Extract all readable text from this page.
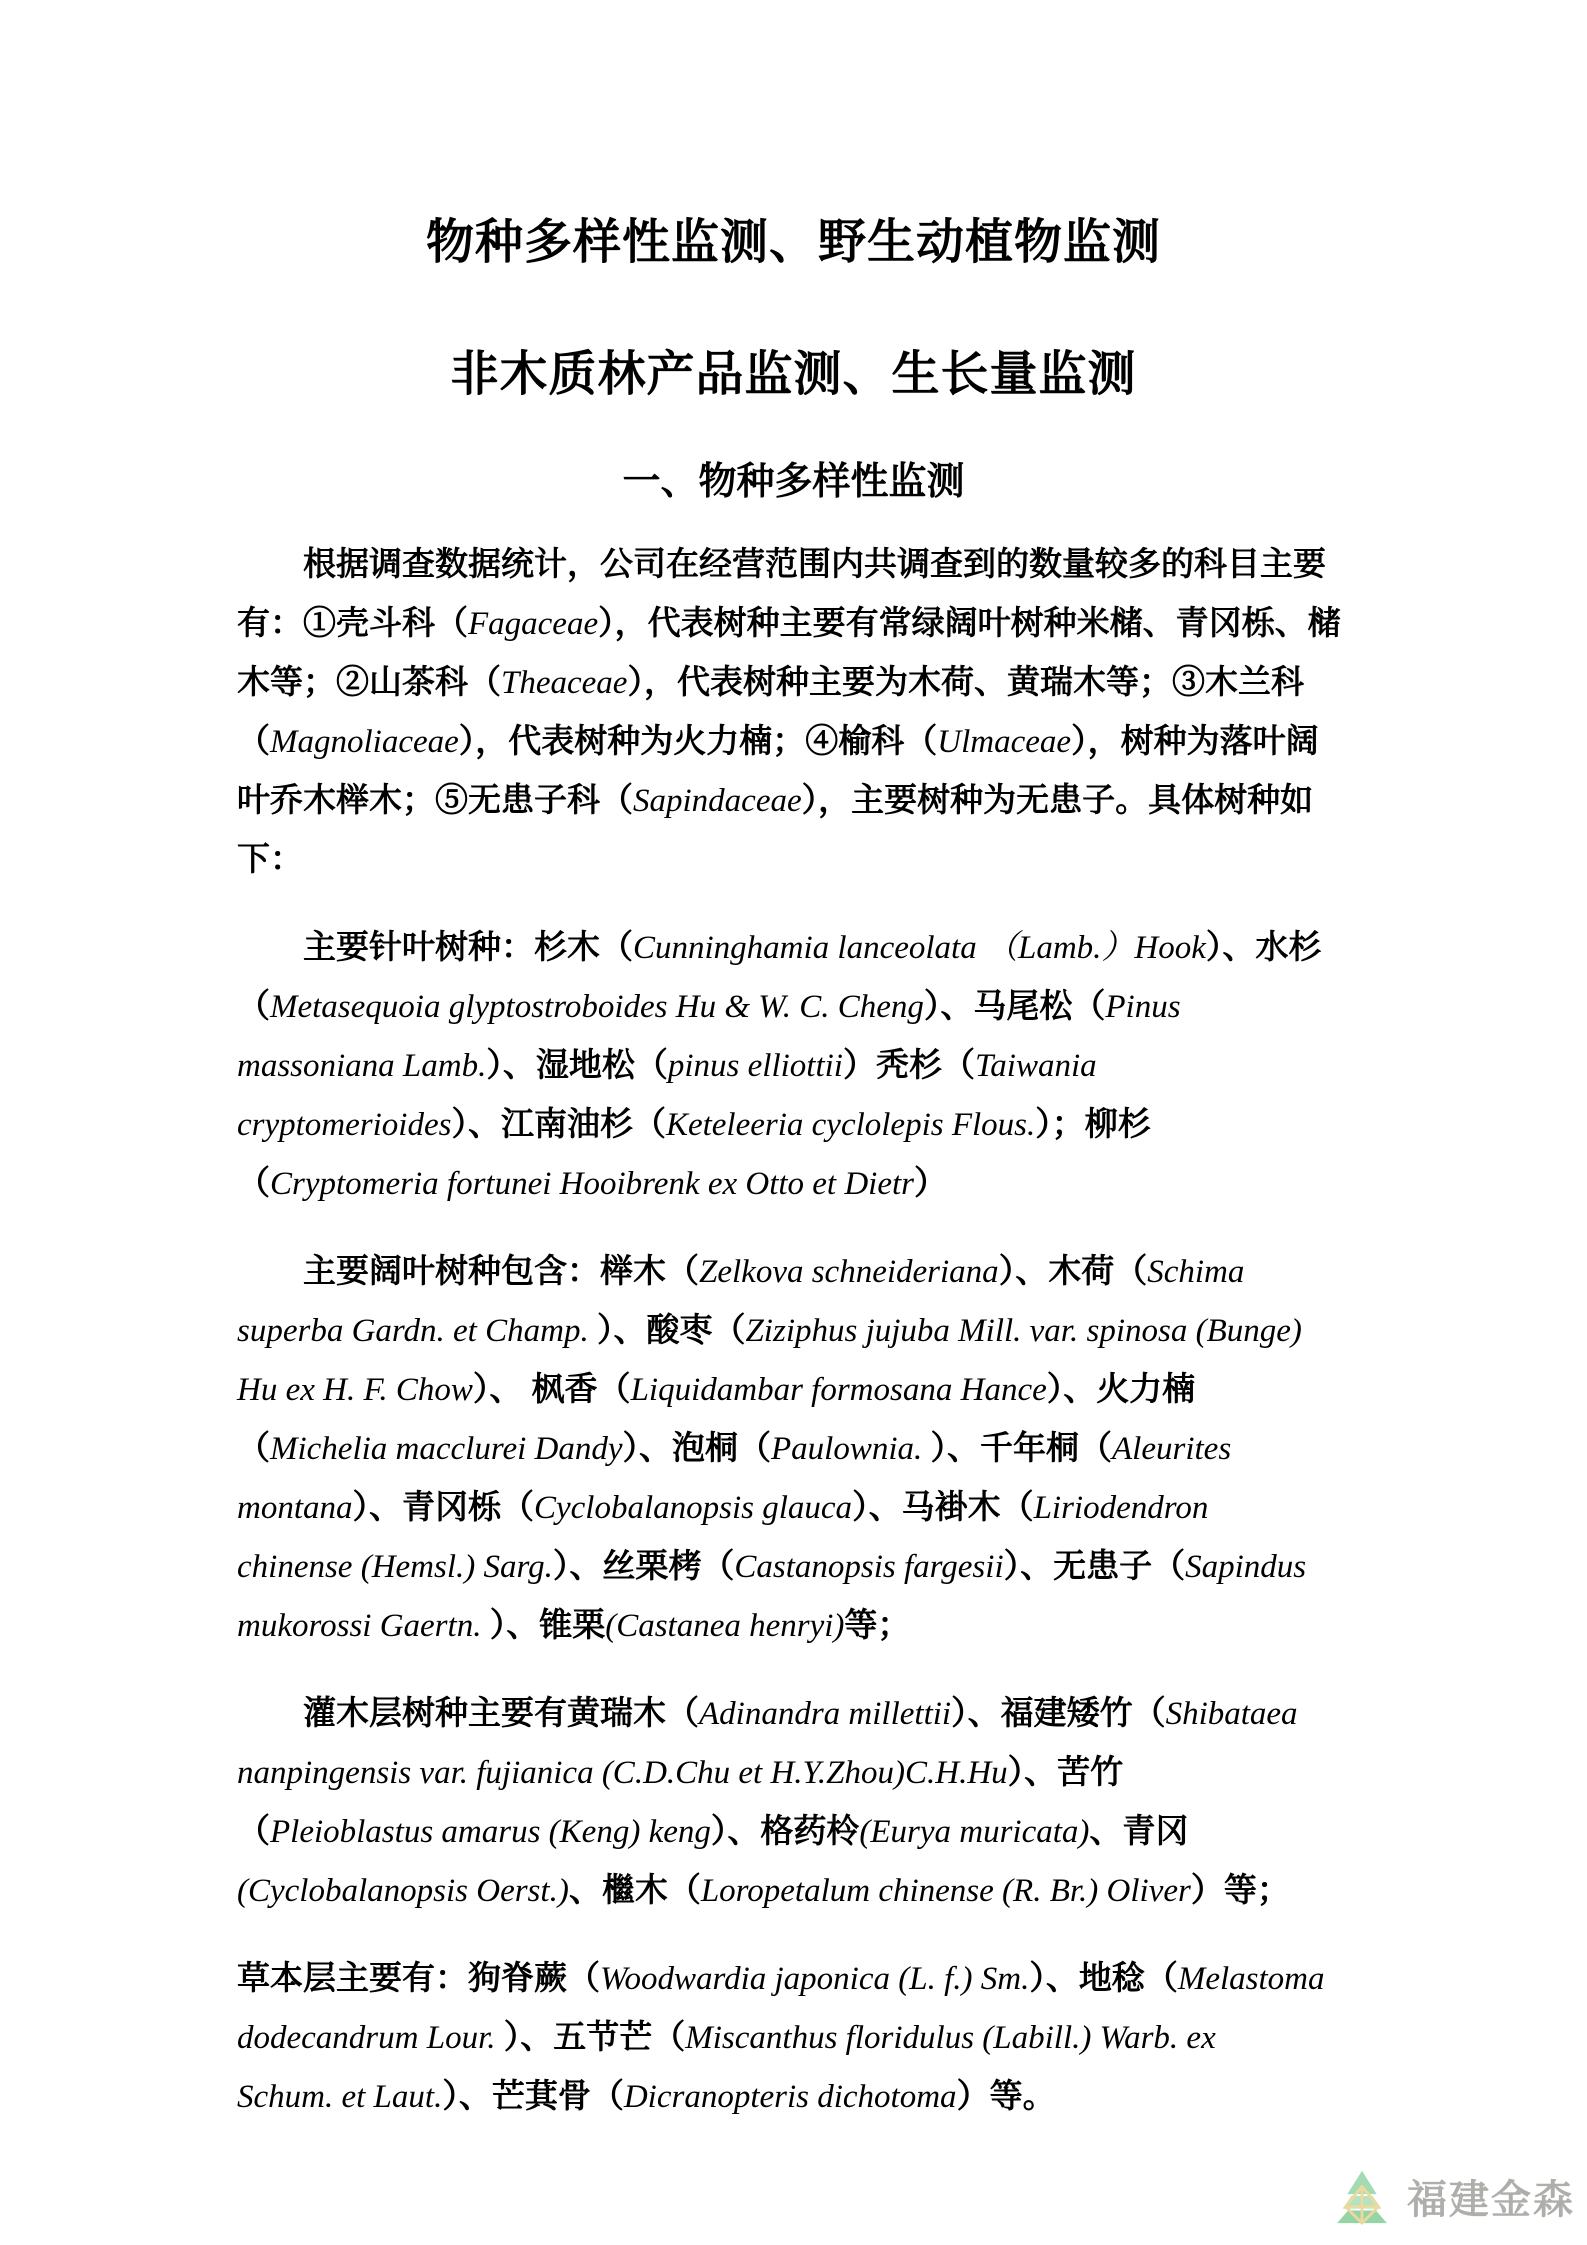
物种多样性监测、野生动植物监测
非木质林产品监测、生长量监测
一、物种多样性监测
根据调查数据统计，公司在经营范围内共调查到的数量较多的科目主要
有：①壳斗科（Fagaceae），代表树种主要有常绿阔叶树种米槠、青冈栎、槠
木等；②山茶科（Theaceae），代表树种主要为木荷、黄瑞木等；③木兰科
（Magnoliaceae），代表树种为火力楠；④榆科（Ulmaceae），树种为落叶阔
叶乔木榉木；⑤无患子科（Sapindaceae），主要树种为无患子。具体树种如
下：
主要针叶树种：杉木（Cunninghamia lanceolata （Lamb.）Hook）、水杉
（Metasequoia glyptostroboides Hu & W. C. Cheng）、马尾松（Pinus
massoniana Lamb.）、湿地松（pinus elliottii）秃杉（Taiwania
cryptomerioides）、江南油杉（Keteleeria cyclolepis Flous.）；柳杉
（Cryptomeria fortunei Hooibrenk ex Otto et Dietr）
主要阔叶树种包含：榉木（Zelkova schneideriana）、木荷（Schima
superba Gardn. et Champ. ）、酸枣（Ziziphus jujuba Mill. var. spinosa (Bunge)
Hu ex H. F. Chow）、 枫香（Liquidambar formosana Hance）、火力楠
（Michelia macclurei Dandy）、泡桐（Paulownia. ）、千年桐（Aleurites
montana）、青冈栎（Cyclobalanopsis glauca）、马褂木（Liriodendron
chinense (Hemsl.) Sarg.）、丝栗栲（Castanopsis fargesii）、无患子（Sapindus
mukorossi Gaertn. ）、锥栗(Castanea henryi)等；
灌木层树种主要有黄瑞木（Adinandra millettii）、福建矮竹（Shibataea
nanpingensis var. fujianica (C.D.Chu et H.Y.Zhou)C.H.Hu）、苦竹
（Pleioblastus amarus (Keng) keng）、格药柃(Eurya muricata)、青冈
(Cyclobalanopsis Oerst.)、檵木（Loropetalum chinense (R. Br.) Oliver）等；
草本层主要有：狗脊蕨（Woodwardia japonica (L. f.) Sm.）、地稔（Melastoma
dodecandrum Lour. ）、五节芒（Miscanthus floridulus (Labill.) Warb. ex
Schum. et Laut.）、芒萁骨（Dicranopteris dichotoma）等。
福建金森
